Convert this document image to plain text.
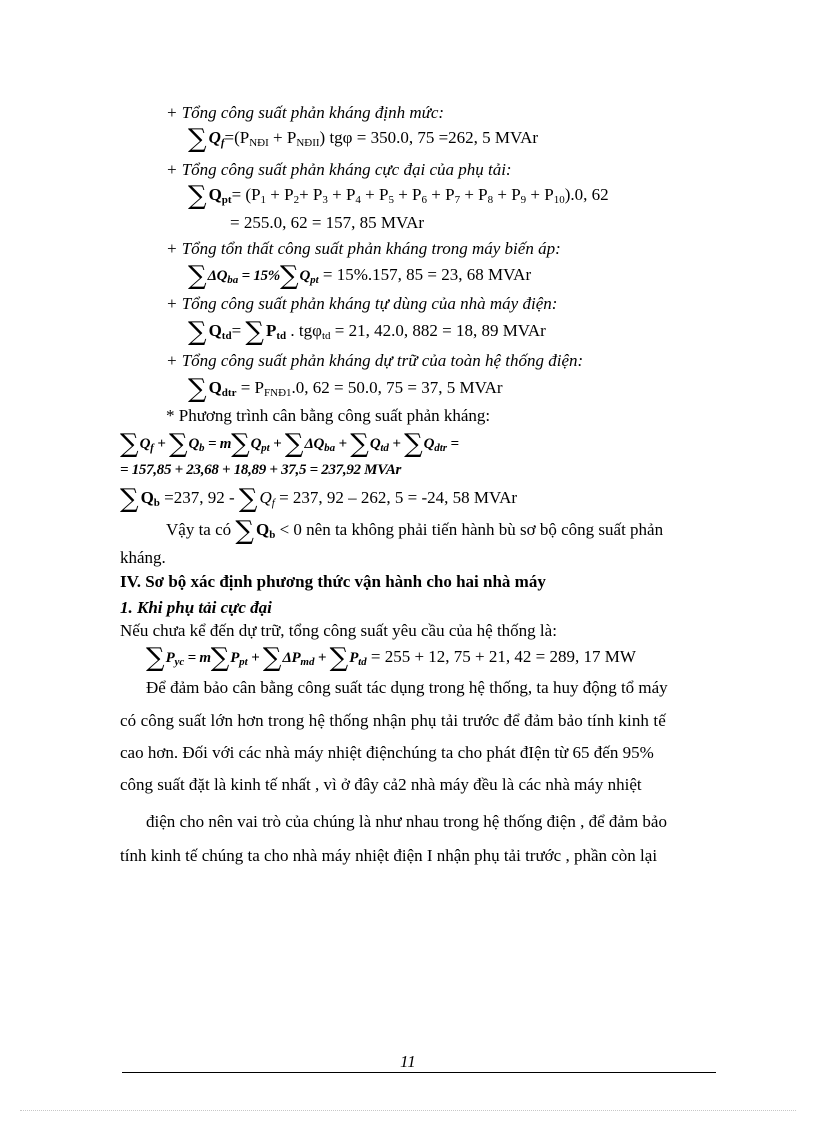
+ Tổng công suất phản kháng định mức:
∑ $Q_f=(P_{NĐI} + P_{NĐII}) tg\varphi = 350.0$, 75 =262, 5 MVAr
+ Tổng công suất phản kháng cực đại của phụ tải:
∑ $Q_{pt}= (P_1 + P_2+ P_3 + P_4 + P_5 + P_6 + P_7 + P_8 + P_9 + P_{10}).0$, 62
= 255.0, 62 = 157, 85 MVAr
+ Tổng tổn thất công suất phản kháng trong máy biến áp:
$\sum\Delta Q_{ba} = 15\%\sum Q_{pt} = 15\%.157$, 85 = 23, 68 MVAr
+ Tổng công suất phản kháng tự dùng của nhà máy điện:
∑ $Q_{td}=$ ∑ $P_{td}$ . tgφ$_{td}$ = 21, 42.0, 882 = 18, 89 MVAr
+ Tổng công suất phản kháng dự trữ của toàn hệ thống điện:
∑ $Q_{dtr} = P_{FNĐ1}.0$, 62 = 50.0, 75 = 37, 5 MVAr
* Phương trình cân bằng công suất phản kháng:
$\sum Q_f + \sum Q_b = m\sum Q_{pt} + \sum\Delta Q_{ba} + \sum Q_{td} + \sum Q_{dtr}$ =
= 157,85 + 23,68 + 18,89 + 37,5 = 237,92 MVAr
∑ $Q_b =237$, 92 - ∑ $Q_f = 237$, 92 – 262, 5 = -24, 58 MVAr
Vậy ta có ∑ $Q_b < 0$ nên ta không phải tiến hành bù sơ bộ công suất phản
kháng.
IV. Sơ bộ xác định phương thức vận hành cho hai nhà máy
1. Khi phụ tải cực đại
Nếu chưa kể đến dự trữ, tổng công suất yêu cầu của hệ thống là:
$\sum P_{yc} = m\sum P_{pt} + \sum\Delta P_{md} + \sum P_{td} = 255 + 12$, 75 + 21, 42 = 289, 17 MW
Để đảm bảo cân bằng công suất tác dụng trong hệ thống, ta huy động tổ máy
có công suất lớn hơn trong hệ thống nhận phụ tải trước để đảm bảo tính kinh tế
cao hơn. Đối với các nhà máy nhiệt điệnchúng ta cho phát đIện từ 65 đến 95%
công suất đặt là kinh tế nhất , vì ở đây cả2 nhà máy đều là các nhà máy nhiệt
điện cho nên vai trò của chúng là như nhau trong hệ thống điện , để đảm bảo
tính kinh tế chúng ta cho nhà máy nhiệt điện I nhận phụ tải trước , phần còn lại
11
